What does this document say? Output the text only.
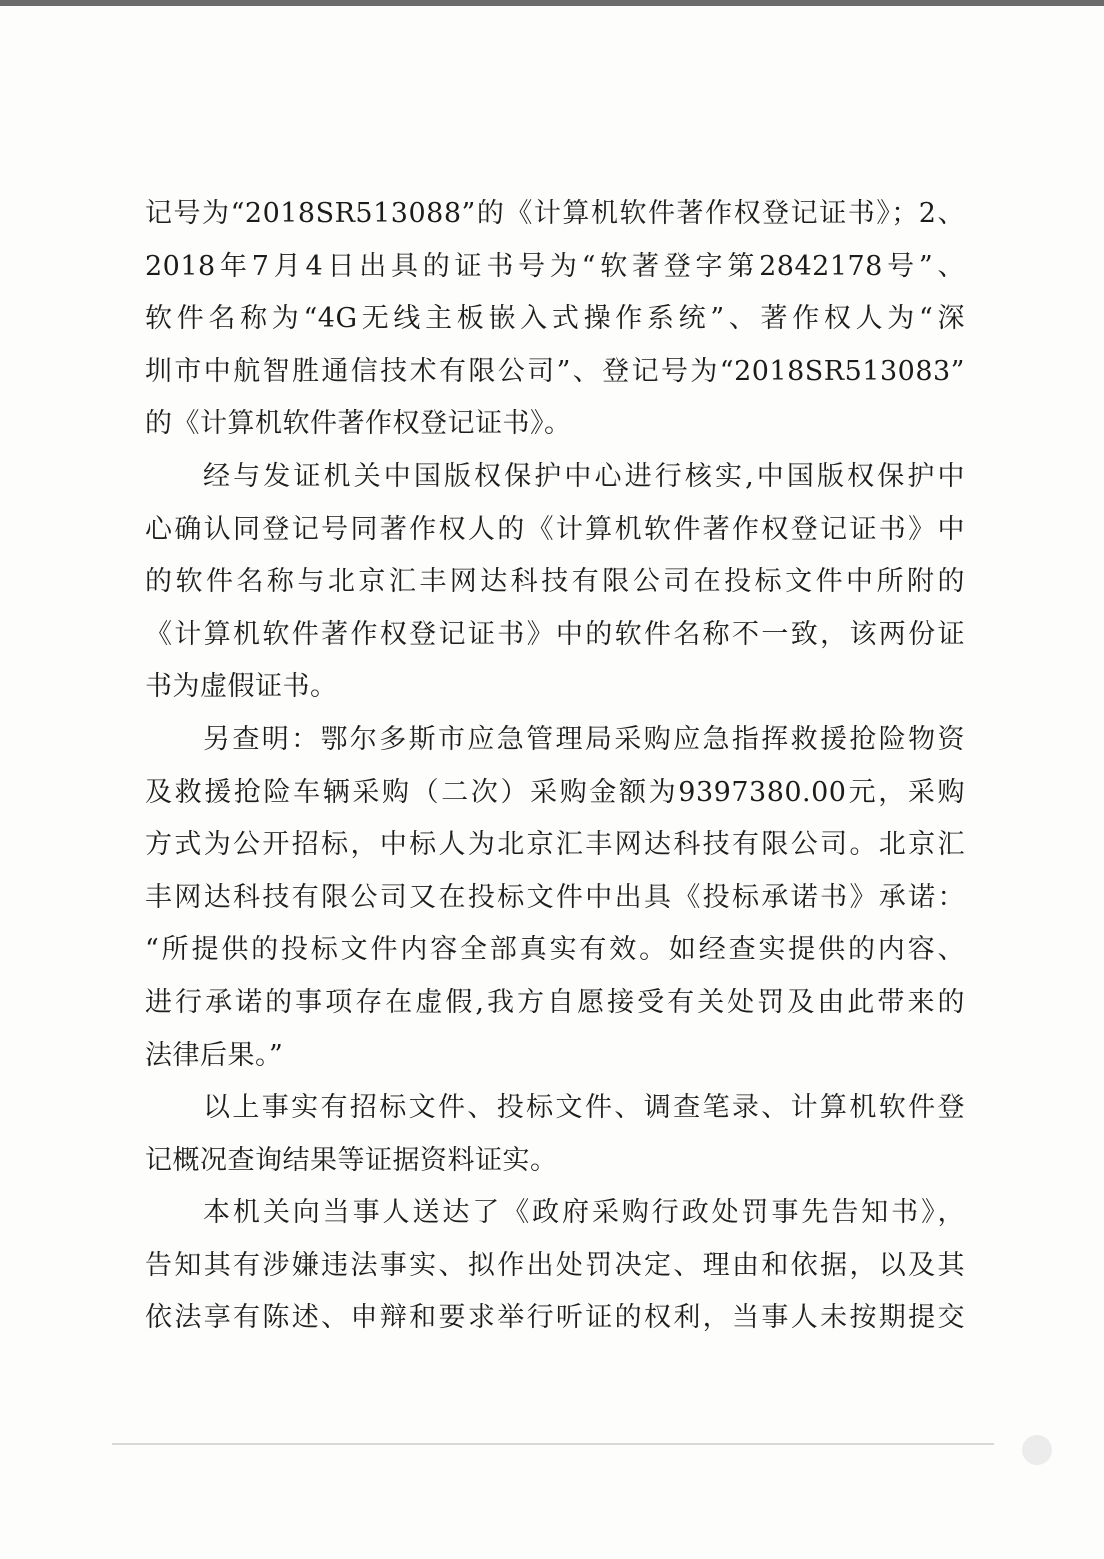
记号为“2018SR513088”的《计算机软件著作权登记证书》；2、
2018年7月4日出具的证书号为“软著登字第2842178号”、
软件名称为“4G无线主板嵌入式操作系统”、著作权人为“深
圳市中航智胜通信技术有限公司”、登记号为“2018SR513083”
的《计算机软件著作权登记证书》。
经与发证机关中国版权保护中心进行核实,中国版权保护中
心确认同登记号同著作权人的《计算机软件著作权登记证书》中
的软件名称与北京汇丰网达科技有限公司在投标文件中所附的
《计算机软件著作权登记证书》中的软件名称不一致，该两份证
书为虚假证书。
另查明：鄂尔多斯市应急管理局采购应急指挥救援抢险物资
及救援抢险车辆采购（二次）采购金额为9397380.00元，采购
方式为公开招标，中标人为北京汇丰网达科技有限公司。北京汇
丰网达科技有限公司又在投标文件中出具《投标承诺书》承诺：
“所提供的投标文件内容全部真实有效。如经查实提供的内容、
进行承诺的事项存在虚假,我方自愿接受有关处罚及由此带来的
法律后果。”
以上事实有招标文件、投标文件、调查笔录、计算机软件登
记概况查询结果等证据资料证实。
本机关向当事人送达了《政府采购行政处罚事先告知书》，
告知其有涉嫌违法事实、拟作出处罚决定、理由和依据，以及其
依法享有陈述、申辩和要求举行听证的权利，当事人未按期提交
